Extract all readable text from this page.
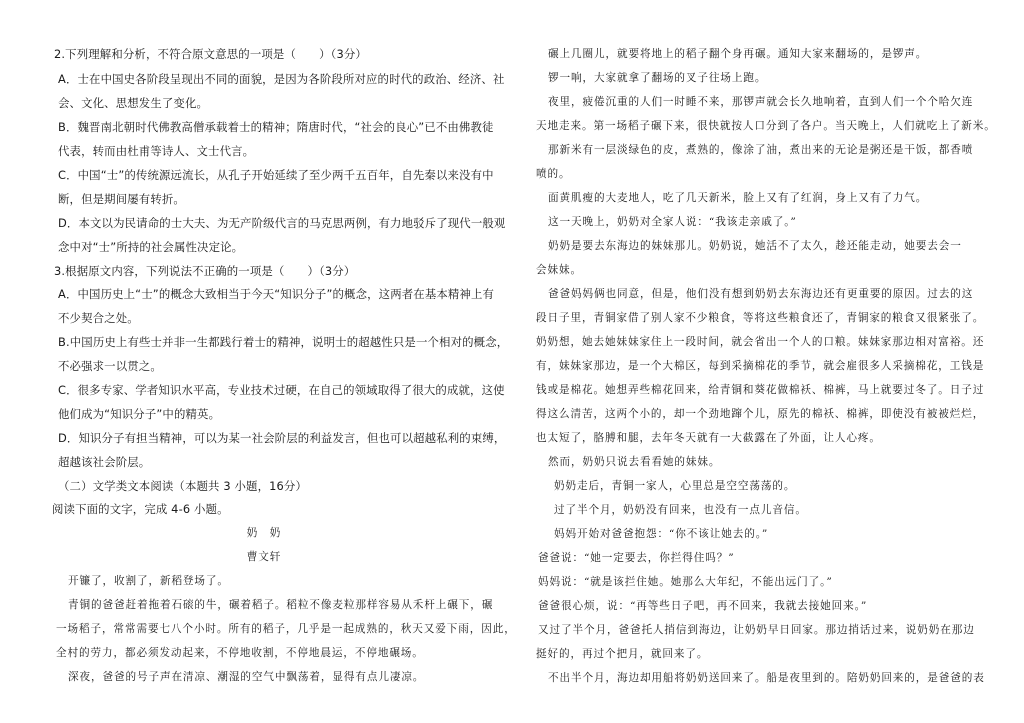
2.下列理解和分析，不符合原文意思的一项是（　　）（3分）
A．士在中国史各阶段呈现出不同的面貌，是因为各阶段所对应的时代的政治、经济、社
会、文化、思想发生了变化。
B．魏晋南北朝时代佛教高僧承载着士的精神；隋唐时代，“社会的良心”已不由佛教徒
代表，转而由杜甫等诗人、文士代言。
C．中国“士”的传统源远流长，从孔子开始延续了至少两千五百年，自先秦以来没有中
断，但是期间屡有转折。
D．本文以为民请命的士大夫、为无产阶级代言的马克思两例，有力地驳斥了现代一般观
念中对“士”所持的社会属性决定论。
3.根据原文内容，下列说法不正确的一项是（　　）（3分）
A．中国历史上“士”的概念大致相当于今天“知识分子”的概念，这两者在基本精神上有
不少契合之处。
B.中国历史上有些士并非一生都践行着士的精神，说明士的超越性只是一个相对的概念，
不必强求一以贯之。
C．很多专家、学者知识水平高，专业技术过硬，在自己的领域取得了很大的成就，这使
他们成为“知识分子”中的精英。
D．知识分子有担当精神，可以为某一社会阶层的利益发言，但也可以超越私利的束缚，
超越该社会阶层。
（二）文学类文本阅读（本题共 3 小题，16分）
阅读下面的文字，完成 4-6 小题。
奶　奶
曹文轩
开镰了，收割了，新稻登场了。
青铜的爸爸赶着拖着石磙的牛，碾着稻子。稻粒不像麦粒那样容易从禾杆上碾下，碾
一场稻子，常常需要七八个小时。所有的稻子，几乎是一起成熟的，秋天又爱下雨，因此，
全村的劳力，都必须发动起来，不停地收割，不停地晨运，不停地碾场。
深夜，爸爸的号子声在清凉、潮湿的空气中飘荡着，显得有点儿凄凉。
碾上几圈儿，就要将地上的稻子翻个身再碾。通知大家来翻场的，是锣声。
锣一响，大家就拿了翻场的叉子往场上跑。
夜里，疲倦沉重的人们一时睡不来，那锣声就会长久地响着，直到人们一个个哈欠连
天地走来。第一场稻子碾下来，很快就按人口分到了各户。当天晚上，人们就吃上了新米。
那新米有一层淡绿色的皮，煮熟的，像涂了油，煮出来的无论是粥还是干饭，都香喷
喷的。
面黄肌瘦的大麦地人，吃了几天新米，脸上又有了红润，身上又有了力气。
这一天晚上，奶奶对全家人说：“我该走亲戚了。”
奶奶是要去东海边的妹妹那儿。奶奶说，她活不了太久，趁还能走动，她要去会一
会妹妹。
爸爸妈妈俩也同意，但是，他们没有想到奶奶去东海边还有更重要的原因。过去的这
段日子里，青铜家借了别人家不少粮食，等将这些粮食还了，青铜家的粮食又很紧张了。
奶奶想，她去她妹妹家住上一段时间，就会省出一个人的口粮。妹妹家那边相对富裕。还
有，妹妹家那边，是一个大棉区，每到采摘棉花的季节，就会雇很多人采摘棉花，工钱是
钱或是棉花。她想弄些棉花回来，给青铜和葵花做棉袄、棉裤，马上就要过冬了。日子过
得这么清苦，这两个小的，却一个劲地蹿个儿，原先的棉袄、棉裤，即使没有被被烂烂，
也太短了，胳膊和腿，去年冬天就有一大截露在了外面，让人心疼。
然而，奶奶只说去看看她的妹妹。
奶奶走后，青铜一家人，心里总是空空荡荡的。
过了半个月，奶奶没有回来，也没有一点儿音信。
妈妈开始对爸爸抱怨：“你不该让她去的。”
爸爸说：“她一定要去，你拦得住吗？”
妈妈说：“就是该拦住她。她那么大年纪，不能出远门了。”
爸爸很心烦，说：“再等些日子吧，再不回来，我就去接她回来。”
又过了半个月，爸爸托人捎信到海边，让奶奶早日回家。那边捎话过来，说奶奶在那边
挺好的，再过个把月，就回来了。
不出半个月，海边却用船将奶奶送回来了。船是夜里到的。陪奶奶回来的，是爸爸的表
